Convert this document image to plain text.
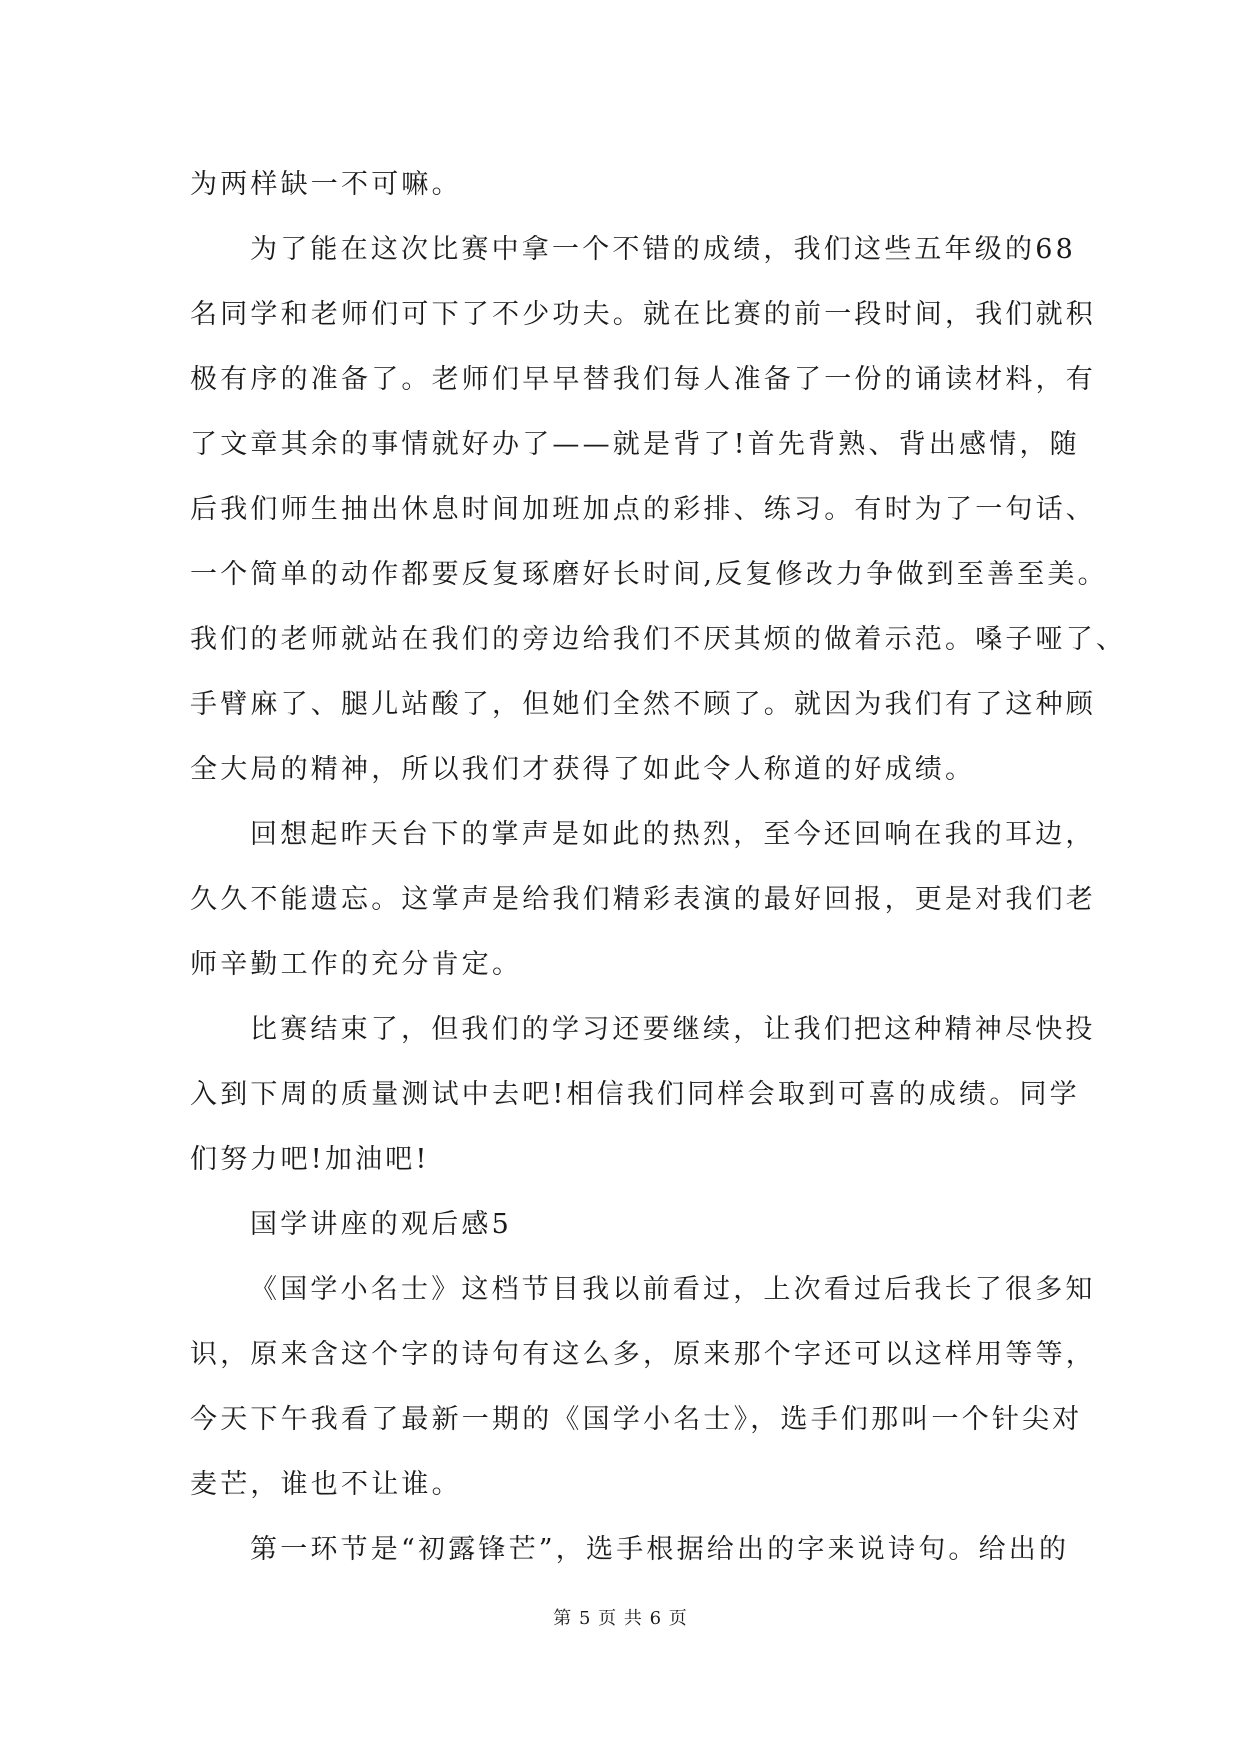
为两样缺一不可嘛。
为了能在这次比赛中拿一个不错的成绩，我们这些五年级的68
名同学和老师们可下了不少功夫。就在比赛的前一段时间，我们就积
极有序的准备了。老师们早早替我们每人准备了一份的诵读材料，有
了文章其余的事情就好办了——就是背了!首先背熟、背出感情，随
后我们师生抽出休息时间加班加点的彩排、练习。有时为了一句话、
一个简单的动作都要反复琢磨好长时间,反复修改力争做到至善至美。
我们的老师就站在我们的旁边给我们不厌其烦的做着示范。嗓子哑了、
手臂麻了、腿儿站酸了，但她们全然不顾了。就因为我们有了这种顾
全大局的精神，所以我们才获得了如此令人称道的好成绩。
回想起昨天台下的掌声是如此的热烈，至今还回响在我的耳边，
久久不能遗忘。这掌声是给我们精彩表演的最好回报，更是对我们老
师辛勤工作的充分肯定。
比赛结束了，但我们的学习还要继续，让我们把这种精神尽快投
入到下周的质量测试中去吧!相信我们同样会取到可喜的成绩。同学
们努力吧!加油吧!
国学讲座的观后感5
《国学小名士》这档节目我以前看过，上次看过后我长了很多知
识，原来含这个字的诗句有这么多，原来那个字还可以这样用等等，
今天下午我看了最新一期的《国学小名士》，选手们那叫一个针尖对
麦芒，谁也不让谁。
第一环节是“初露锋芒”，选手根据给出的字来说诗句。给出的
第 5 页 共 6 页
